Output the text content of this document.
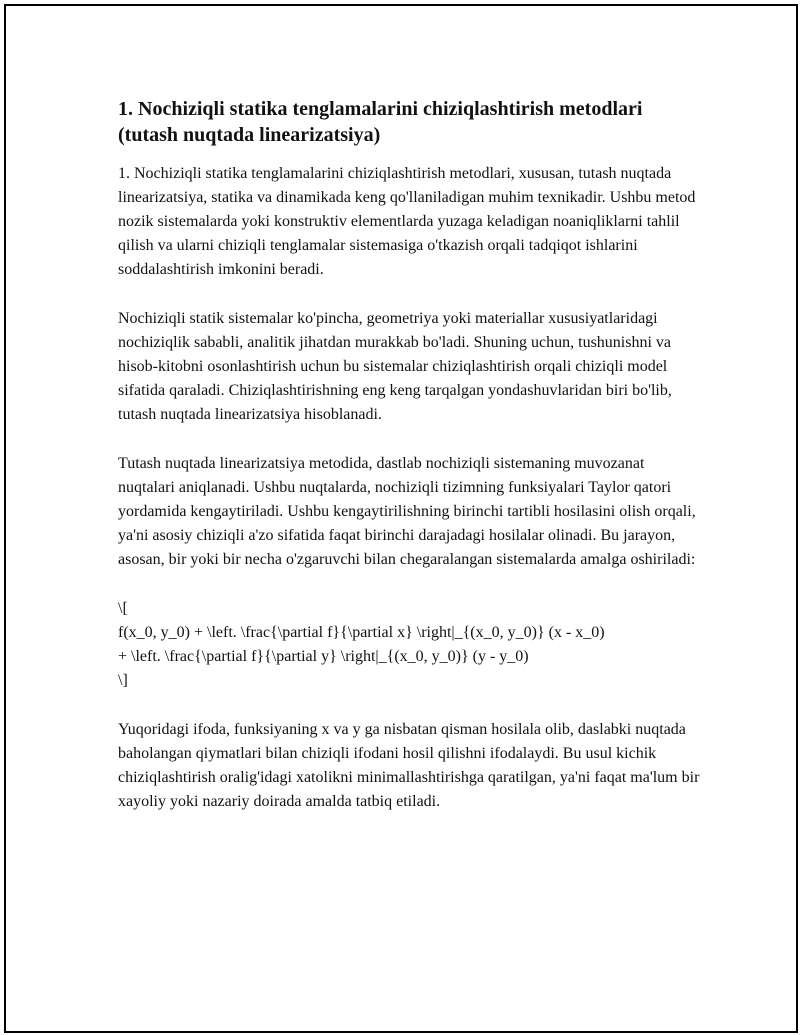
1. Nochiziqli statika tenglamalarini chiziqlashtirish metodlari (tutash nuqtada linearizatsiya)

1. Nochiziqli statika tenglamalarini chiziqlashtirish metodlari, xususan, tutash nuqtada linearizatsiya, statika va dinamikada keng qo'llaniladigan muhim texnikadir. Ushbu metod nozik sistemalarda yoki konstruktiv elementlarda yuzaga keladigan noaniqliklarni tahlil qilish va ularni chiziqli tenglamalar sistemasiga o'tkazish orqali tadqiqot ishlarini soddalashtirish imkonini beradi.

Nochiziqli statik sistemalar ko'pincha, geometriya yoki materiallar xususiyatlaridagi nochiziqlik sababli, analitik jihatdan murakkab bo'ladi. Shuning uchun, tushunishni va hisob-kitobni osonlashtirish uchun bu sistemalar chiziqlashtirish orqali chiziqli model sifatida qaraladi. Chiziqlashtirishning eng keng tarqalgan yondashuvlaridan biri bo'lib, tutash nuqtada linearizatsiya hisoblanadi.

Tutash nuqtada linearizatsiya metodida, dastlab nochiziqli sistemaning muvozanat nuqtalari aniqlanadi. Ushbu nuqtalarda, nochiziqli tizimning funksiyalari Taylor qatori yordamida kengaytiriladi. Ushbu kengaytirilishning birinchi tartibli hosilasini olish orqali, ya'ni asosiy chiziqli a'zo sifatida faqat birinchi darajadagi hosilalar olinadi. Bu jarayon, asosan, bir yoki bir necha o'zgaruvchi bilan chegaralangan sistemalarda amalga oshiriladi:

\[
f(x_0, y_0) + \left. \frac{\partial f}{\partial x} \right|_{(x_0, y_0)} (x - x_0)
+ \left. \frac{\partial f}{\partial y} \right|_{(x_0, y_0)} (y - y_0)
\]

Yuqoridagi ifoda, funksiyaning x va y ga nisbatan qisman hosilala olib, daslabki nuqtada baholangan qiymatlari bilan chiziqli ifodani hosil qilishni ifodalaydi. Bu usul kichik chiziqlashtirish oralig'idagi xatolikni minimallashtirishga qaratilgan, ya'ni faqat ma'lum bir xayoliy yoki nazariy doirada amalda tatbiq etiladi.
